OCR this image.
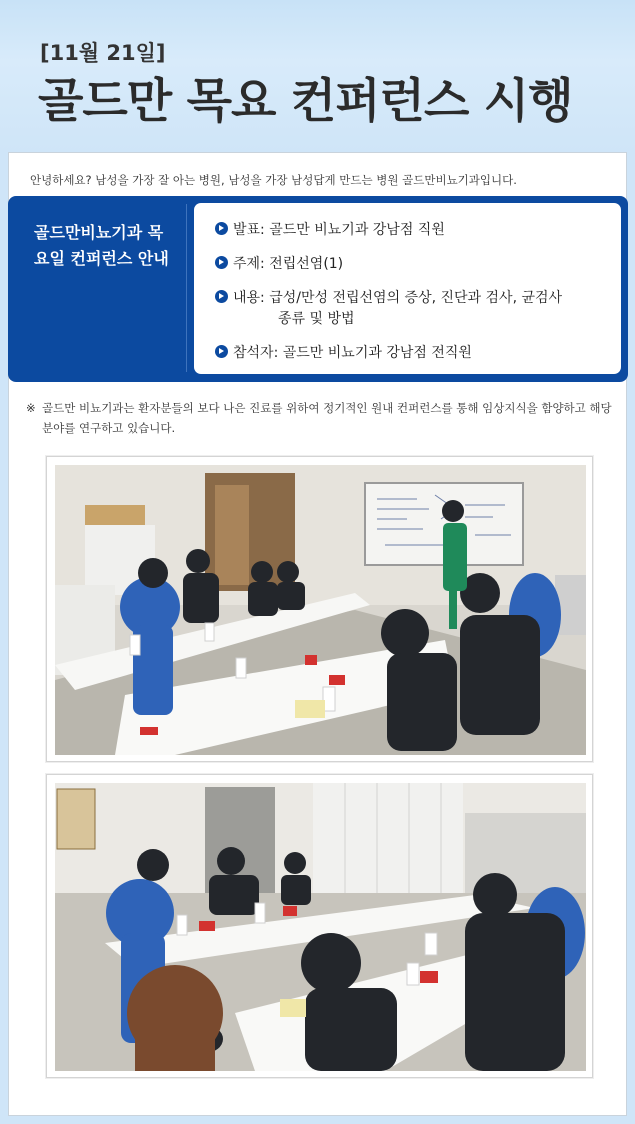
[11월 21일]
골드만 목요 컨퍼런스 시행
안녕하세요? 남성을 가장 잘 아는 병원, 남성을 가장 남성답게 만드는 병원 골드만비뇨기과입니다.
골드만비뇨기과 목요일 컨퍼런스 안내
발표: 골드만 비뇨기과 강남점 직원
주제: 전립선염(1)
내용: 급성/만성 전립선염의 증상, 진단과 검사, 균검사
종류 및 방법
참석자: 골드만 비뇨기과 강남점 전직원
※ 골드만 비뇨기과는 환자분들의 보다 나은 진료를 위하여 정기적인 원내 컨퍼런스를 통해 임상지식을 함양하고 해당 분야를 연구하고 있습니다.
